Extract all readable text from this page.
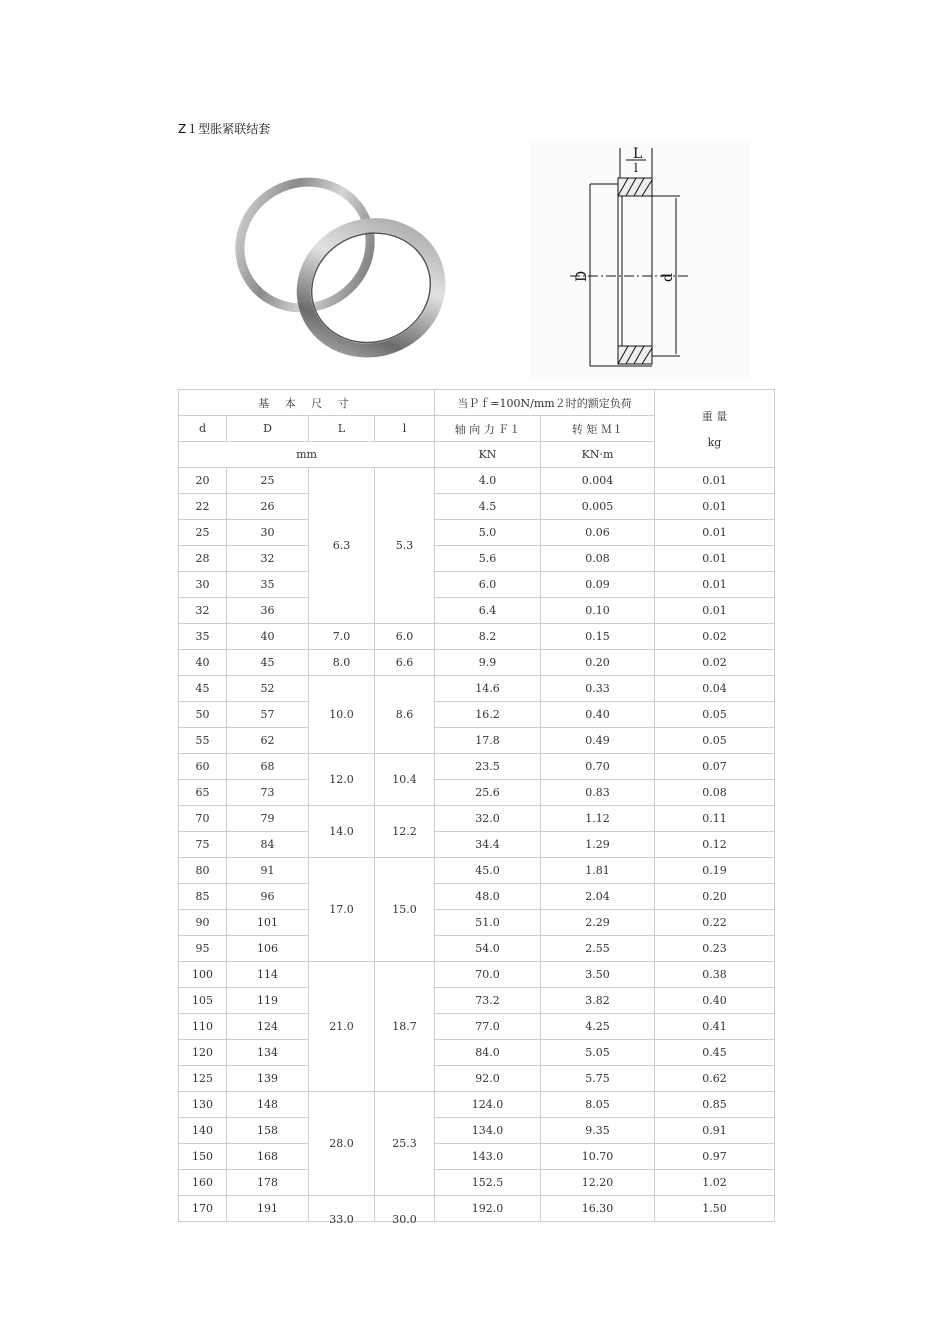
Z１型胀紧联结套
L
l
D	d
基 本 尺 寸				当Ｐｆ=100N/mm２时的额定负荷		重 量
kg

d	D	L	l	轴 向 力 Ｆ１	转 矩 Ｍ１	
mm				KN	KN·m	
20	25	6.3	5.3	4.0	0.004	0.01
22	26			4.5	0.005	0.01
25	30			5.0	0.06	0.01
28	32			5.6	0.08	0.01
30	35			6.0	0.09	0.01
32	36			6.4	0.10	0.01
35	40	7.0	6.0	8.2	0.15	0.02
40	45	8.0	6.6	9.9	0.20	0.02
45	52	10.0	8.6	14.6	0.33	0.04
50	57			16.2	0.40	0.05
55	62			17.8	0.49	0.05
60	68	12.0	10.4	23.5	0.70	0.07
65	73			25.6	0.83	0.08
70	79	14.0	12.2	32.0	1.12	0.11
75	84			34.4	1.29	0.12
80	91	17.0	15.0	45.0	1.81	0.19
85	96			48.0	2.04	0.20
90	101			51.0	2.29	0.22
95	106			54.0	2.55	0.23
100	114	21.0	18.7	70.0	3.50	0.38
105	119			73.2	3.82	0.40
110	124			77.0	4.25	0.41
120	134			84.0	5.05	0.45
125	139			92.0	5.75	0.62
130	148	28.0	25.3	124.0	8.05	0.85
140	158			134.0	9.35	0.91
150	168			143.0	10.70	0.97
160	178			152.5	12.20	1.02
170	191	33.0	30.0	192.0	16.30	1.50
